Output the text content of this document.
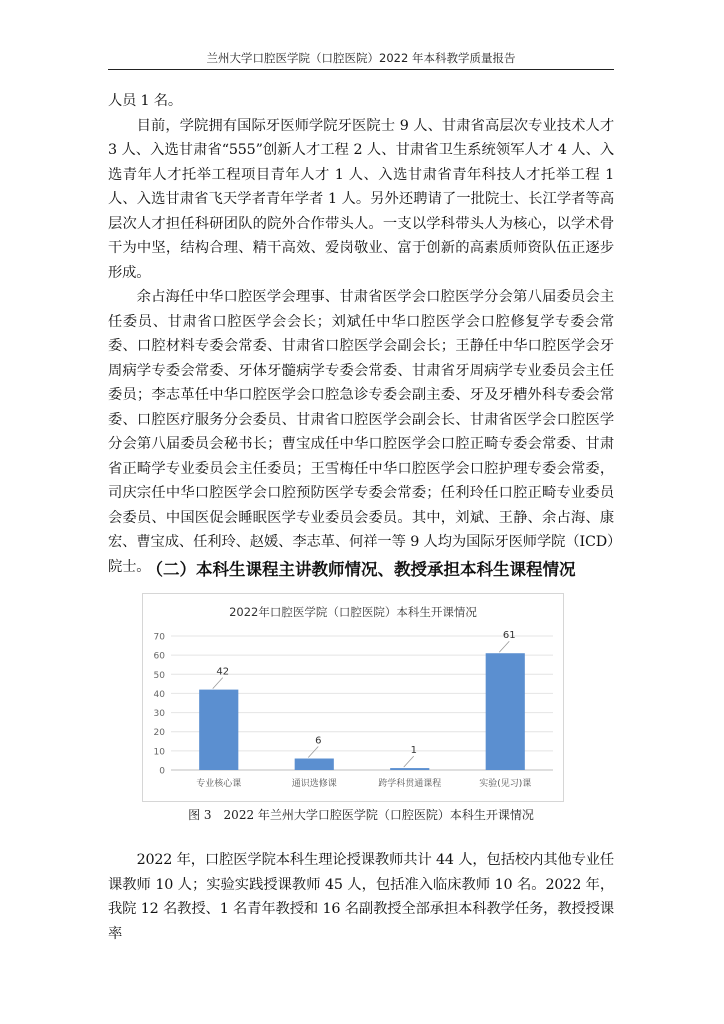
兰州大学口腔医学院（口腔医院）2022 年本科教学质量报告

人员 1 名。

目前，学院拥有国际牙医师学院牙医院士 9 人、甘肃省高层次专业技术人才 3 人、入选甘肃省“555”创新人才工程 2 人、甘肃省卫生系统领军人才 4 人、入选青年人才托举工程项目青年人才 1 人、入选甘肃省青年科技人才托举工程 1 人、入选甘肃省飞天学者青年学者 1 人。另外还聘请了一批院士、长江学者等高层次人才担任科研团队的院外合作带头人。一支以学科带头人为核心，以学术骨干为中坚，结构合理、精干高效、爱岗敬业、富于创新的高素质师资队伍正逐步形成。

余占海任中华口腔医学会理事、甘肃省医学会口腔医学分会第八届委员会主任委员、甘肃省口腔医学会会长；刘斌任中华口腔医学会口腔修复学专委会常委、口腔材料专委会常委、甘肃省口腔医学会副会长；王静任中华口腔医学会牙周病学专委会常委、牙体牙髓病学专委会常委、甘肃省牙周病学专业委员会主任委员；李志革任中华口腔医学会口腔急诊专委会副主委、牙及牙槽外科专委会常委、口腔医疗服务分会委员、甘肃省口腔医学会副会长、甘肃省医学会口腔医学分会第八届委员会秘书长；曹宝成任中华口腔医学会口腔正畸专委会常委、甘肃省正畸学专业委员会主任委员；王雪梅任中华口腔医学会口腔护理专委会常委，司庆宗任中华口腔医学会口腔预防医学专委会常委；任利玲任口腔正畸专业委员会委员、中国医促会睡眠医学专业委员会委员。其中，刘斌、王静、余占海、康宏、曹宝成、任利玲、赵媛、李志革、何祥一等 9 人均为国际牙医师学院（ICD）院士。

（二）本科生课程主讲教师情况、教授承担本科生课程情况
2022年口腔医学院（口腔医院）本科生开课情况
0
10
20
30
40
50
60
70
42
专业核心课
6
通识选修课
1
跨学科贯通课程
61
实验(见习)课
图 3　2022 年兰州大学口腔医学院（口腔医院）本科生开课情况

2022 年，口腔医学院本科生理论授课教师共计 44 人，包括校内其他专业任课教师 10 人；实验实践授课教师 45 人，包括准入临床教师 10 名。2022 年，我院 12 名教授、1 名青年教授和 16 名副教授全部承担本科教学任务，教授授课率
